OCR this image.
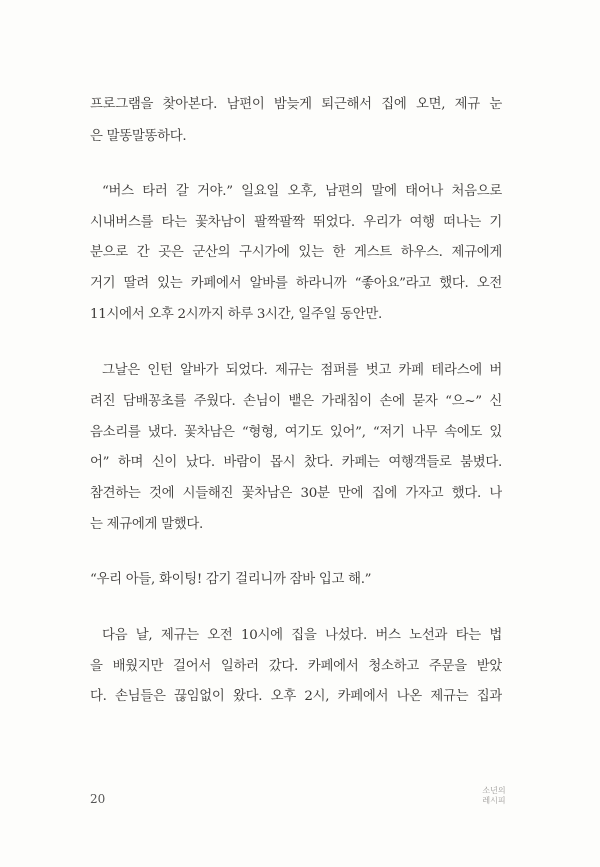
프로그램을 찾아본다. 남편이 밤늦게 퇴근해서 집에 오면, 제규 눈
은 말똥말똥하다.
“버스 타러 갈 거야.” 일요일 오후, 남편의 말에 태어나 처음으로
시내버스를 타는 꽃차남이 팔짝팔짝 뛰었다. 우리가 여행 떠나는 기
분으로 간 곳은 군산의 구시가에 있는 한 게스트 하우스. 제규에게
거기 딸려 있는 카페에서 알바를 하라니까 “좋아요”라고 했다. 오전
11시에서 오후 2시까지 하루 3시간, 일주일 동안만.
그날은 인턴 알바가 되었다. 제규는 점퍼를 벗고 카페 테라스에 버
려진 담배꽁초를 주웠다. 손님이 뱉은 가래침이 손에 묻자 “으~” 신
음소리를 냈다. 꽃차남은 “형형, 여기도 있어”, “저기 나무 속에도 있
어” 하며 신이 났다. 바람이 몹시 찼다. 카페는 여행객들로 붐볐다.
참견하는 것에 시들해진 꽃차남은 30분 만에 집에 가자고 했다. 나
는 제규에게 말했다.
“우리 아들, 화이팅! 감기 걸리니까 잠바 입고 해.”
다음 날, 제규는 오전 10시에 집을 나섰다. 버스 노선과 타는 법
을 배웠지만 걸어서 일하러 갔다. 카페에서 청소하고 주문을 받았
다. 손님들은 끊임없이 왔다. 오후 2시, 카페에서 나온 제규는 집과
20
소년의
레시피
